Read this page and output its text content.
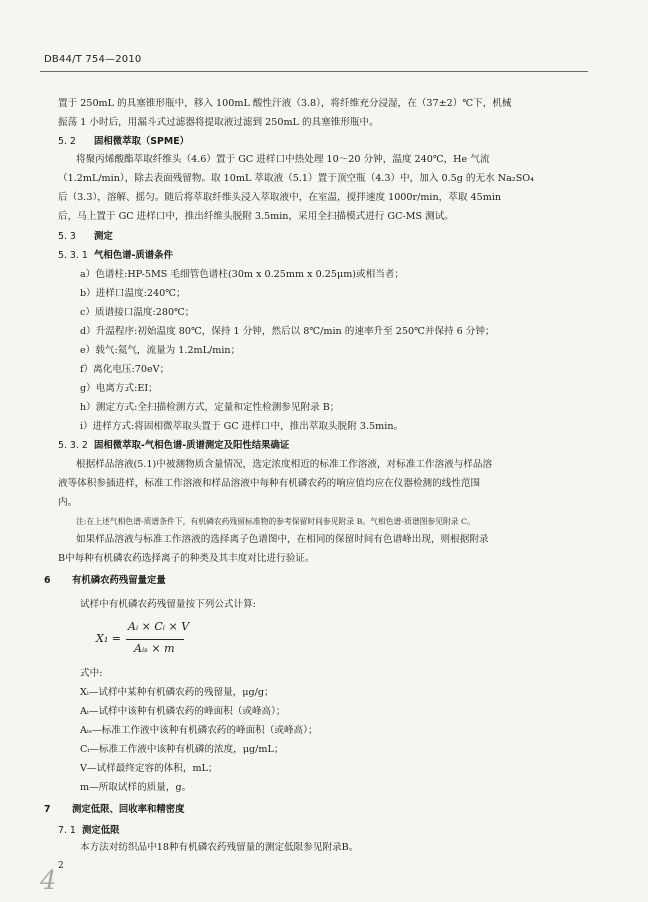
DB44/T 754—2010
置于 250mL 的具塞锥形瓶中，移入 100mL 酸性汗液（3.8），将纤维充分浸湿，在（37±2）℃下，机械
振荡 1 小时后，用漏斗式过滤器将提取液过滤到 250mL 的具塞锥形瓶中。
5. 2 固相微萃取（SPME）
将聚丙烯酸酯萃取纤维头（4.6）置于 GC 进样口中热处理 10～20 分钟，温度 240℃，He 气流
（1.2mL/min），除去表面残留物。取 10mL 萃取液（5.1）置于顶空瓶（4.3）中，加入 0.5g 的无水 Na₂SO₄
后（3.3），溶解、摇匀。随后将萃取纤维头浸入萃取液中，在室温，搅拌速度 1000r/min，萃取 45min
后，马上置于 GC 进样口中，推出纤维头脱附 3.5min，采用全扫描模式进行 GC-MS 测试。
5. 3 测定
5. 3. 1 气相色谱-质谱条件
a）色谱柱:HP-5MS 毛细管色谱柱(30m x 0.25mm x 0.25μm)或相当者；
b）进样口温度:240℃；
c）质谱接口温度:280℃；
d）升温程序:初始温度 80℃，保持 1 分钟，然后以 8℃/min 的速率升至 250℃并保持 6 分钟；
e）载气:氦气，流量为 1.2mL/min；
f）离化电压:70eV；
g）电离方式:EI；
h）测定方式:全扫描检测方式，定量和定性检测参见附录 B；
i）进样方式:将固相微萃取头置于 GC 进样口中，推出萃取头脱附 3.5min。
5. 3. 2 固相微萃取-气相色谱-质谱测定及阳性结果确证
根据样品溶液(5.1)中被测物质含量情况，选定浓度相近的标准工作溶液，对标准工作溶液与样品溶
液等体积参插进样，标准工作溶液和样品溶液中每种有机磷农药的响应值均应在仪器检测的线性范围
内。
注:在上述气相色谱-质谱条件下，有机磷农药残留标准物的参考保留时间参见附录 B。气相色谱-质谱图参见附录 C。
如果样品溶液与标准工作溶液的选择离子色谱图中，在相同的保留时间有色谱峰出现，则根据附录
B中每种有机磷农药选择离子的种类及其丰度对比进行验证。
6 有机磷农药残留量定量
试样中有机磷农药残留量按下列公式计算:
X₁ =
Aᵢ × Cᵢ × V
Aᵢₛ × m
式中:
Xᵢ—试样中某种有机磷农药的残留量，μg/g；
Aᵢ—试样中该种有机磷农药的峰面积（或峰高）；
Aᵢₛ—标准工作液中该种有机磷农药的峰面积（或峰高）；
Cᵢ—标准工作液中该种有机磷的浓度，μg/mL；
V—试样最终定容的体积，mL；
m—所取试样的质量，g。
7 测定低限、回收率和精密度
7. 1 测定低限
本方法对纺织品中18种有机磷农药残留量的测定低限参见附录B。
2
4
